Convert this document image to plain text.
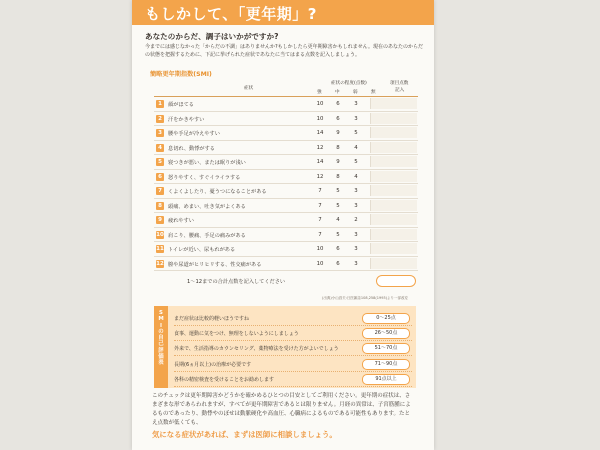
もしかして、「更年期」?
あなたのからだ、調子はいかがですか?
今までには感じなかった「からだの不調」はありませんか?もしかしたら更年期障害かもしれません。現在のあなたのからだの状態を把握するために、下記に挙げられた症状であなたに当てはまる点数を記入しましょう。
簡略更年期指数(SMI)
症状
症状の程度(点数)
強	中	弱	無
項目点数
記入
1	顔がほてる	10	6	3
2	汗をかきやすい	10	6	3
3	腰や手足が冷えやすい	14	9	5
4	息切れ、動悸がする	12	8	4
5	寝つきが悪い、または眠りが浅い	14	9	5
6	怒りやすく、すぐイライラする	12	8	4
7	くよくよしたり、憂うつになることがある	7	5	3
8	頭痛、めまい、吐き気がよくある	7	5	3
9	疲れやすい	7	4	2
10 肩こり、腰痛、手足の痛みがある	7	5	3
11 トイレが近い、尿もれがある	10	6	3
12 膣や尿道がヒリヒリする、性交痛がある	10	6	3
1〜12までの合計点数を記入してください
(出典)小山嵩夫:日医雑誌108,258(1993)より一部改変
S
M
I
の
自
己
評
価
表
まだ症状は比較的軽いほうですね	0〜25点
食事、運動に気をつけ、無理をしないようにしましょう	26〜50点
外来で、生活指導のカウンセリング、薬物療法を受けた方がよいでしょう	51〜70点
長期(6ヵ月以上)の治療が必要です	71〜90点
各科の精密検査を受けることをお勧めします	91点以上
このチェックは更年期障害かどうかを確かめるひとつの目安としてご利用ください。更年期の症状は、さまざまな形であらわれますが、すべてが更年期障害であるとは限りません。月経の異常は、子宮筋腫によるものであったり、動悸やのぼせは動脈硬化や高血圧、心臓病によるものである可能性もあります。たとえ点数が低くても、
気になる症状があれば、まずは医師に相談しましょう。
